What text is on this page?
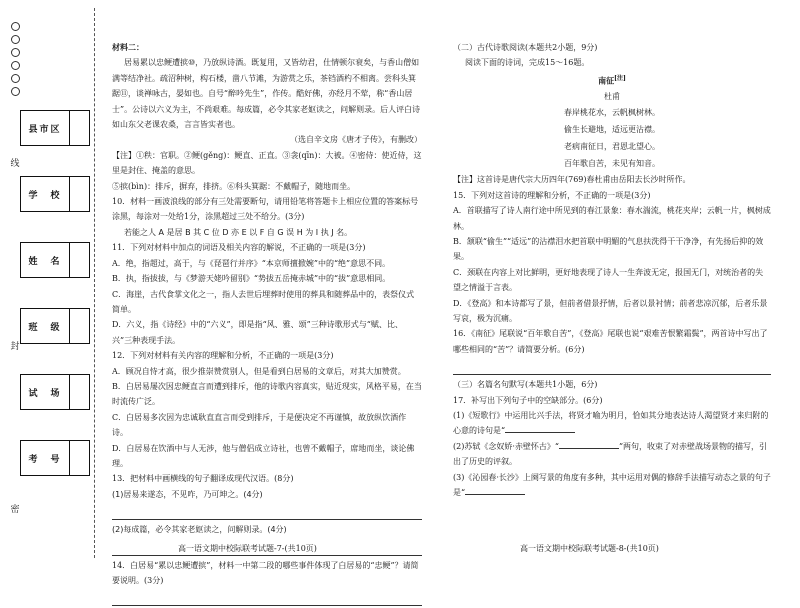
线
封
密
县市区
学　校
姓　名
班　级
试　场
考　号

材料二：

居易累以忠鲠遭摈⑩，乃放纵诗酒。既复用，又皆幼君，仕情顿尔衰矣，与香山僧如满等结净社。疏沼种树，构石楼，凿八节滩，为游赏之乐，茶铛酒杓不相离。尝科头箕踞⑪，谈禅咏古，晏如也。自号“醉吟先生”，作传。酷好佛，亦经月不荤，称“香山居士”。公诗以六义为主，不尚艰难。每成篇，必令其家老妪读之，问解则录。后人评白诗如山东父老课农桑，言言皆实者也。

（选自辛文房《唐才子传》，有删改）

【注】①秩：官职。②鲠(gěng)：鲠直、正直。③衾(qīn)：大被。④密侍：使近侍，这里是封住、掩盖的意思。

⑤摈(bìn)：排斥，摒弃，排挤。⑥科头箕踞：不戴帽子，随地而坐。

10．材料一画波浪线的部分有三处需要断句，请用铅笔将答题卡上相应位置的答案标号涂黑，每涂对一处给1分，涂黑超过三处不给分。(3分)

若能之人 A 是居 B 其 C 位 D 亦 E 以 F 自 G 误 H 为 I 执 J 名。

11．下列对材料中加点的词语及相关内容的解说，不正确的一项是(3分)

A．绝，指超过，高于，与《琵琶行并序》“本京师擅掀婉”中的“绝”意思不同。

B．执，指拔拔，与《梦游天姥吟留别》“势拔五岳掩赤城”中的“拔”意思相同。

C．海崖，古代食掌文化之一，指人去世后埋葬时使用的葬具和随葬品中的，表祭仪式简单。

D．六义，指《诗经》中的“六义”，即是指“风、雅、颂”三种诗歌形式与“赋、比、兴”三种表现手法。

12．下列对材料有关内容的理解和分析，不正确的一项是(3分)

A．顾况自恃才高，很少推崇赞赏别人，但是看到白居易的文章后，对其大加赞赏。

B．白居易屡次因忠鲠直言而遭到排斥，他的诗歌内容真实，贴近现实，风格平易，在当时流传广泛。

C．白居易多次因为忠诚耿直直言而受到排斥，于是便决定不再谨慎，故放纵饮酒作诗。

D．白居易在饮酒中与人无涉，他与僧侣成立诗社，也曾不戴帽子，席地而坐，谈论佛理。

13．把材料中画横线的句子翻译成现代汉语。(8分)

(1)居易来遂态，不见咋，乃可坤之。(4分)

(2)每成篇，必令其家老妪读之，问解则录。(4分)

14．白居易“累以忠鲠遭摈”，材料一中第二段的哪些事件体现了白居易的“忠鲠”？请简要说明。(3分)

高一语文期中校际联考试题-7-(共10页)

（二）古代诗歌阅读(本题共2小题，9分)

阅读下面的诗词，完成15～16题。

南征[注]

杜甫

春岸桃花水，云帆枫树林。
偷生长避地，适远更沾襟。
老病南征日，君恩北望心。
百年歌自苦，未见有知音。

【注】这首诗是唐代宗大历四年(769)春杜甫由岳阳去长沙时所作。

15．下列对这首诗的理解和分析，不正确的一项是(3分)

A．首联描写了诗人南行途中所见到的春江景象：春水湍流，桃花夹岸；云帆一片，枫树成林。

B．颔联“偷生”“适远”的沾襟泪水把首联中明媚的气息扶洗得干干净净，有先扬后抑的效果。

C．颈联在内容上对比鲜明，更好地表现了诗人一生奔波无定，报国无门，对统治者的失望之情溢于言表。

D．《登高》和本诗都写了景，但前者借景抒情，后者以景衬情；前者悲凉沉郁，后者乐景写哀，极为沉痛。

16．《南征》尾联说“百年歌自苦”，《登高》尾联也说“艰难苦恨繁霜鬓”，两首诗中写出了哪些相同的“苦”？请简要分析。(6分)

（三）名篇名句默写(本题共1小题，6分)

17．补写出下列句子中的空缺部分。(6分)

(1)《短歌行》中运用比兴手法，将贤才喻为明月，恰如其分地表达诗人渴望贤才来归附的心意的诗句是“

(2)苏轼《念奴娇·赤壁怀古》“	”两句，收束了对赤壁战场景物的描写，引出了历史的评叙。

(3)《沁园春·长沙》上阕写景的角度有多种，其中运用对偶的修辞手法描写动态之景的句子是“

高一语文期中校际联考试题-8-(共10页)
